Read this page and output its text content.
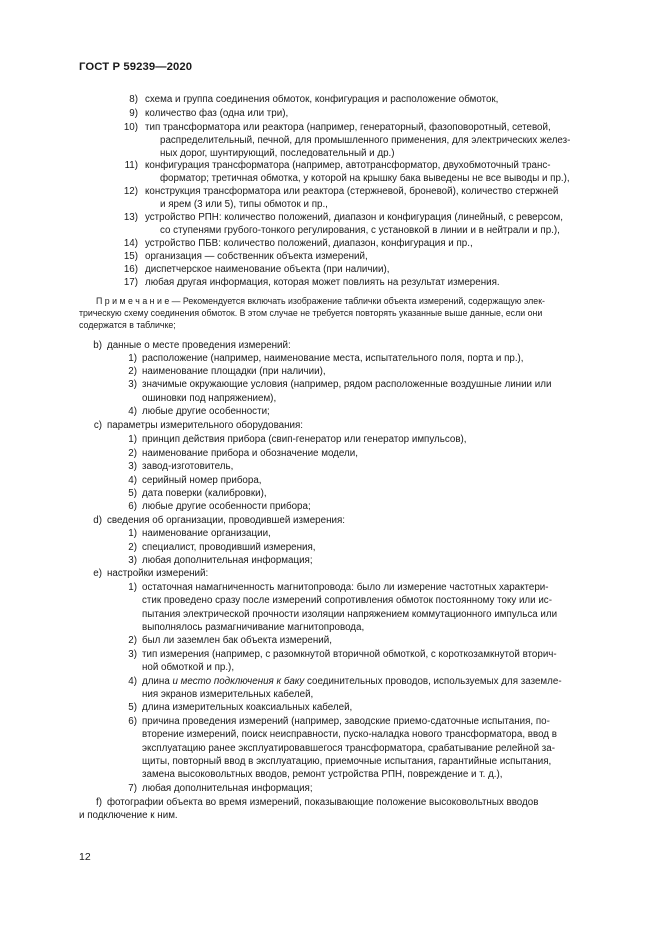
ГОСТ Р 59239—2020
8) схема и группа соединения обмоток, конфигурация и расположение обмоток,
9) количество фаз (одна или три),
10) тип трансформатора или реактора (например, генераторный, фазоповоротный, сетевой,
распределительный, печной, для промышленного применения, для электрических желез-
ных дорог, шунтирующий, последовательный и др.)
11) конфигурация трансформатора (например, автотрансформатор, двухобмоточный транс-
форматор; третичная обмотка, у которой на крышку бака выведены не все выводы и пр.),
12) конструкция трансформатора или реактора (стержневой, броневой), количество стержней
и ярем (3 или 5), типы обмоток и пр.,
13) устройство РПН: количество положений, диапазон и конфигурация (линейный, с реверсом,
со ступенями грубого-тонкого регулирования, с установкой в линии и в нейтрали и пр.),
14) устройство ПБВ: количество положений, диапазон, конфигурация и пр.,
15) организация — собственник объекта измерений,
16) диспетчерское наименование объекта (при наличии),
17) любая другая информация, которая может повлиять на результат измерения.
П р и м е ч а н и е — Рекомендуется включать изображение таблички объекта измерений, содержащую элек-
трическую схему соединения обмоток. В этом случае не требуется повторять указанные выше данные, если они
содержатся в табличке;
b) данные о месте проведения измерений:
1) расположение (например, наименование места, испытательного поля, порта и пр.),
2) наименование площадки (при наличии),
3) значимые окружающие условия (например, рядом расположенные воздушные линии или
ошиновки под напряжением),
4) любые другие особенности;
c) параметры измерительного оборудования:
1) принцип действия прибора (свип-генератор или генератор импульсов),
2) наименование прибора и обозначение модели,
3) завод-изготовитель,
4) серийный номер прибора,
5) дата поверки (калибровки),
6) любые другие особенности прибора;
d) сведения об организации, проводившей измерения:
1) наименование организации,
2) специалист, проводивший измерения,
3) любая дополнительная информация;
e) настройки измерений:
1) остаточная намагниченность магнитопровода: было ли измерение частотных характери-
стик проведено сразу после измерений сопротивления обмоток постоянному току или ис-
пытания электрической прочности изоляции напряжением коммутационного импульса или
выполнялось размагничивание магнитопровода,
2) был ли заземлен бак объекта измерений,
3) тип измерения (например, с разомкнутой вторичной обмоткой, с короткозамкнутой вторич-
ной обмоткой и пр.),
4) длина и место подключения к баку соединительных проводов, используемых для заземле-
ния экранов измерительных кабелей,
5) длина измерительных коаксиальных кабелей,
6) причина проведения измерений (например, заводские приемо-сдаточные испытания, по-
вторение измерений, поиск неисправности, пуско-наладка нового трансформатора, ввод в
эксплуатацию ранее эксплуатировавшегося трансформатора, срабатывание релейной за-
щиты, повторный ввод в эксплуатацию, приемочные испытания, гарантийные испытания,
замена высоковольтных вводов, ремонт устройства РПН, повреждение и т. д.),
7) любая дополнительная информация;
f) фотографии объекта во время измерений, показывающие положение высоковольтных вводов
и подключение к ним.
12
